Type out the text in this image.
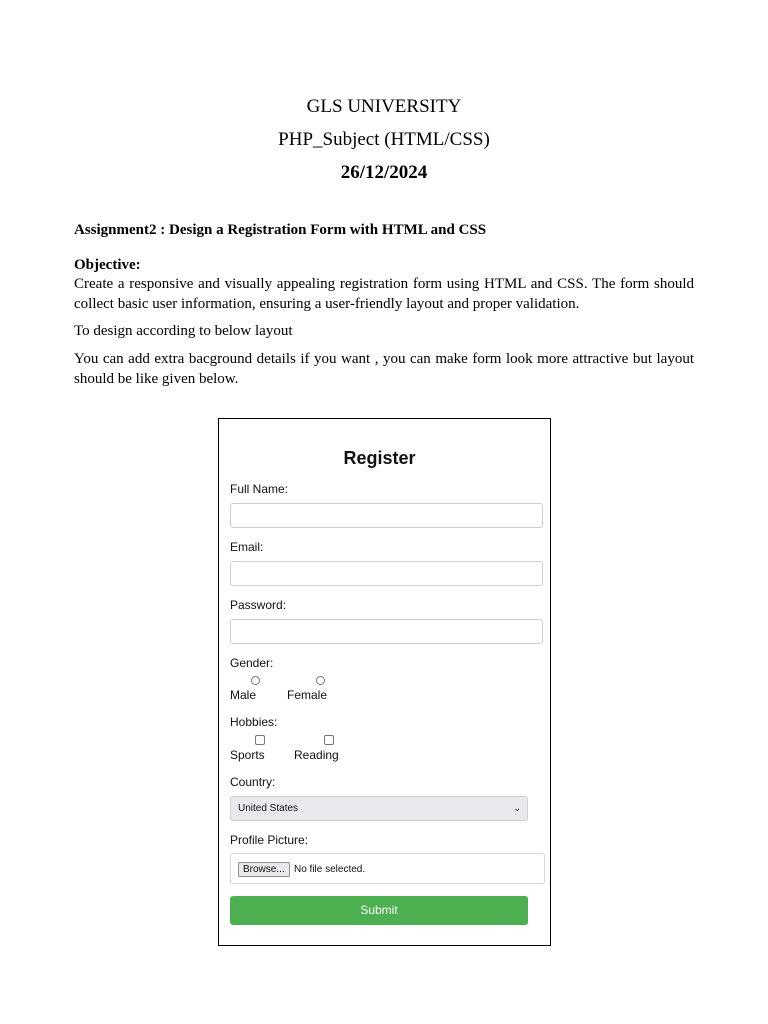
GLS UNIVERSITY
PHP_Subject (HTML/CSS)
26/12/2024
Assignment2 : Design a Registration Form with HTML and CSS
Objective:
Create a responsive and visually appealing registration form using HTML and CSS. The form should collect basic user information, ensuring a user-friendly layout and proper validation.
To design according to below layout
You can add extra bacground details if you want , you can make form look more attractive but layout should be like given below.
Register
Full Name:
Email:
Password:
Gender:
Male	Female
Hobbies:
Sports Reading
Country:
United States	⌄
Profile Picture:
Browse... No file selected.
Submit
